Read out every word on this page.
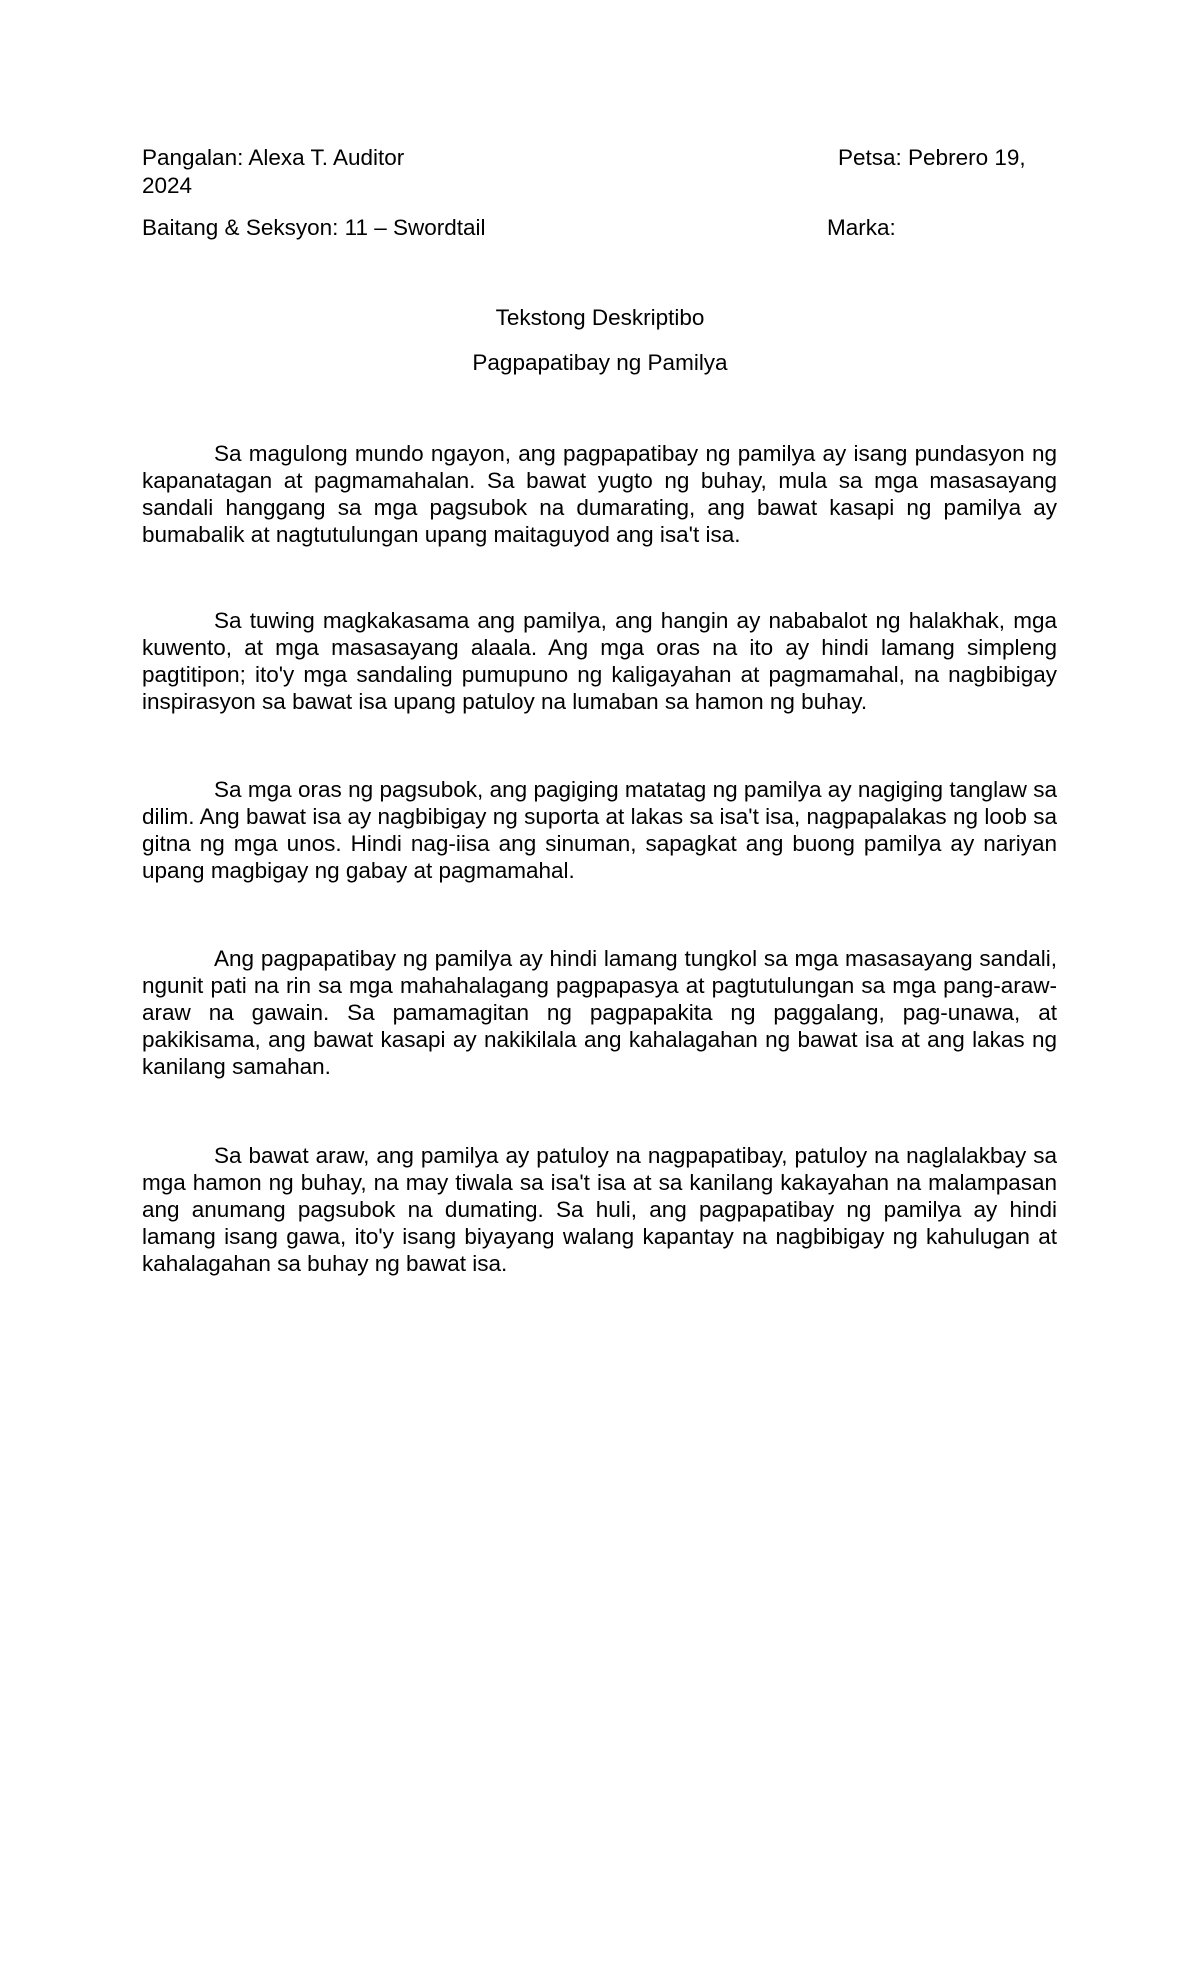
Pangalan: Alexa T. Auditor	Petsa: Pebrero 19,
2024
Baitang & Seksyon: 11 – Swordtail	Marka:
Tekstong Deskriptibo
Pagpapatibay ng Pamilya

Sa magulong mundo ngayon, ang pagpapatibay ng pamilya ay isang pundasyon ng kapanatagan at pagmamahalan. Sa bawat yugto ng buhay, mula sa mga masasayang sandali hanggang sa mga pagsubok na dumarating, ang bawat kasapi ng pamilya ay bumabalik at nagtutulungan upang maitaguyod ang isa't isa.

Sa tuwing magkakasama ang pamilya, ang hangin ay nababalot ng halakhak, mga kuwento, at mga masasayang alaala. Ang mga oras na ito ay hindi lamang simpleng pagtitipon; ito'y mga sandaling pumupuno ng kaligayahan at pagmamahal, na nagbibigay inspirasyon sa bawat isa upang patuloy na lumaban sa hamon ng buhay.

Sa mga oras ng pagsubok, ang pagiging matatag ng pamilya ay nagiging tanglaw sa dilim. Ang bawat isa ay nagbibigay ng suporta at lakas sa isa't isa, nagpapalakas ng loob sa gitna ng mga unos. Hindi nag-iisa ang sinuman, sapagkat ang buong pamilya ay nariyan upang magbigay ng gabay at pagmamahal.

Ang pagpapatibay ng pamilya ay hindi lamang tungkol sa mga masasayang sandali, ngunit pati na rin sa mga mahahalagang pagpapasya at pagtutulungan sa mga pang-araw-araw na gawain. Sa pamamagitan ng pagpapakita ng paggalang, pag-unawa, at pakikisama, ang bawat kasapi ay nakikilala ang kahalagahan ng bawat isa at ang lakas ng kanilang samahan.

Sa bawat araw, ang pamilya ay patuloy na nagpapatibay, patuloy na naglalakbay sa mga hamon ng buhay, na may tiwala sa isa't isa at sa kanilang kakayahan na malampasan ang anumang pagsubok na dumating. Sa huli, ang pagpapatibay ng pamilya ay hindi lamang isang gawa, ito'y isang biyayang walang kapantay na nagbibigay ng kahulugan at kahalagahan sa buhay ng bawat isa.
